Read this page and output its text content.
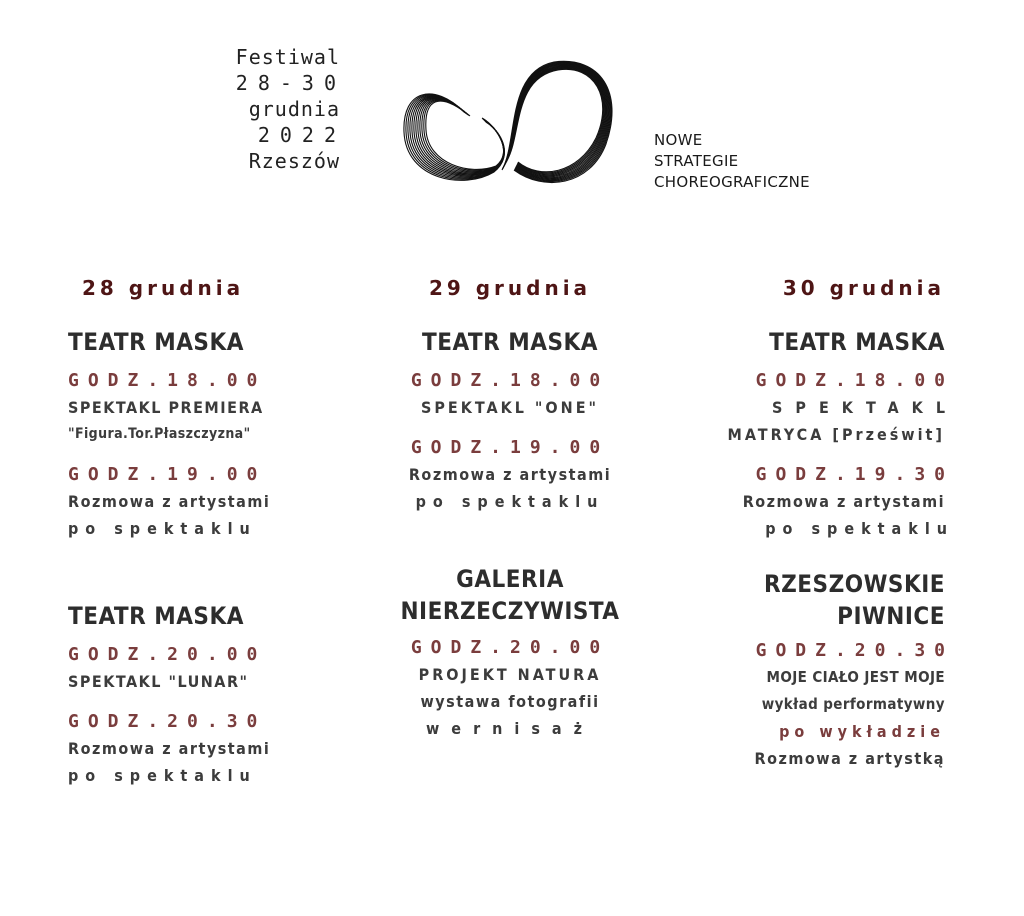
Festiwal
28-30
grudnia
2022
Rzeszów
NOWE
STRATEGIE
CHOREOGRAFICZNE
28 grudnia
TEATR MASKA
GODZ.18.00
SPEKTAKL PREMIERA
"Figura.Tor.Płaszczyzna"
GODZ.19.00
Rozmowa z artystami
po spektaklu
TEATR MASKA
GODZ.20.00
SPEKTAKL "LUNAR"
GODZ.20.30
Rozmowa z artystami
po spektaklu
29 grudnia
TEATR MASKA
GODZ.18.00
SPEKTAKL "ONE"
GODZ.19.00
Rozmowa z artystami
po spektaklu
GALERIA NIERZECZYWISTA
GODZ.20.00
PROJEKT NATURA
wystawa fotografii
wernisaż
30 grudnia
TEATR MASKA
GODZ.18.00
SPEKTAKL
MATRYCA [Prześwit]
GODZ.19.30
Rozmowa z artystami
po spektaklu
RZESZOWSKIE PIWNICE
GODZ.20.30
MOJE CIAŁO JEST MOJE
wykład performatywny
po wykładzie
Rozmowa z artystką
